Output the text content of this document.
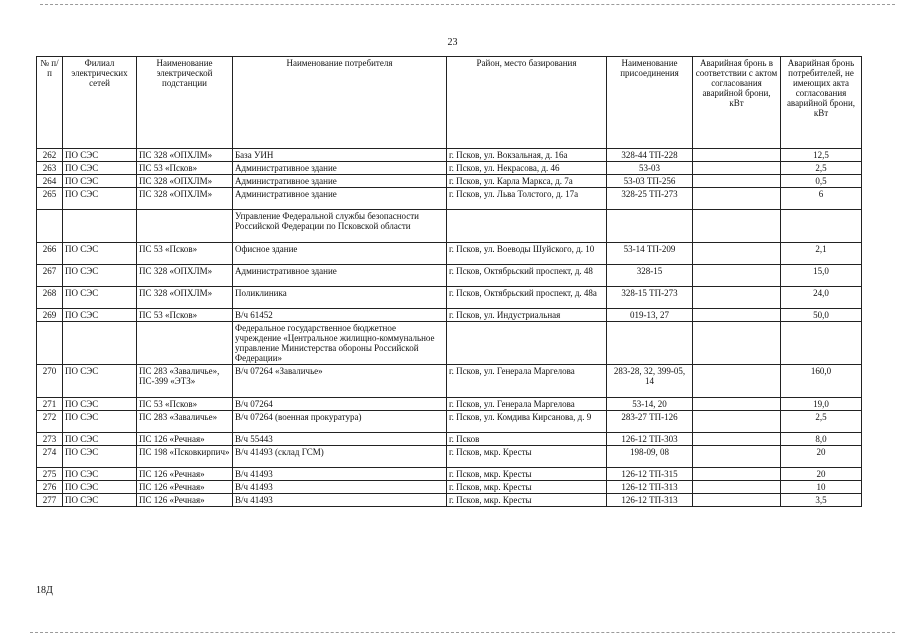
23
№ п/п	Филиал электрических сетей	Наименование электрической подстанции	Наименование потребителя	Район, место базирования	Наименование присоединения	Аварийная бронь в соответствии с актом согласования аварийной брони, кВт	Аварийная бронь потребителей, не имеющих акта согласования аварийной брони, кВт
262	ПО СЭС	ПС 328 «ОПХЛМ»	База УИН	г. Псков, ул. Вокзальная, д. 16а	328-44 ТП-228		12,5
263	ПО СЭС	ПС 53 «Псков»	Административное здание	г. Псков, ул. Некрасова, д. 46	53-03		2,5
264	ПО СЭС	ПС 328 «ОПХЛМ»	Административное здание	г. Псков, ул. Карла Маркса, д. 7а	53-03 ТП-256		0,5
265	ПО СЭС	ПС 328 «ОПХЛМ»	Административное здание	г. Псков, ул. Льва Толстого, д. 17а	328-25 ТП-273		6
			Управление Федеральной службы безопасности Российской Федерации по Псковской области				
266	ПО СЭС	ПС 53 «Псков»	Офисное здание	г. Псков, ул. Воеводы Шуйского, д. 10	53-14 ТП-209		2,1
267	ПО СЭС	ПС 328 «ОПХЛМ»	Административное здание	г. Псков, Октябрьский проспект, д. 48	328-15		15,0
268	ПО СЭС	ПС 328 «ОПХЛМ»	Поликлиника	г. Псков, Октябрьский проспект, д. 48а	328-15 ТП-273		24,0
269	ПО СЭС	ПС 53 «Псков»	В/ч 61452	г. Псков, ул. Индустриальная	019-13, 27		50,0
			Федеральное государственное бюджетное учреждение «Центральное жилищно-коммунальное управление Министерства обороны Российской Федерации»				
270	ПО СЭС	ПС 283 «Заваличье», ПС-399 «ЭТЗ»	В/ч 07264 «Заваличье»	г. Псков, ул. Генерала Маргелова	283-28, 32, 399-05, 14		160,0
271	ПО СЭС	ПС 53 «Псков»	В/ч 07264	г. Псков, ул. Генерала Маргелова	53-14, 20		19,0
272	ПО СЭС	ПС 283 «Заваличье»	В/ч 07264 (военная прокуратура)	г. Псков, ул. Комдива Кирсанова, д. 9	283-27 ТП-126		2,5
273	ПО СЭС	ПС 126 «Речная»	В/ч 55443	г. Псков	126-12 ТП-303		8,0
274	ПО СЭС	ПС 198 «Псковкирпич»	В/ч 41493 (склад ГСМ)	г. Псков, мкр. Кресты	198-09, 08		20
275	ПО СЭС	ПС 126 «Речная»	В/ч 41493	г. Псков, мкр. Кресты	126-12 ТП-315		20
276	ПО СЭС	ПС 126 «Речная»	В/ч 41493	г. Псков, мкр. Кресты	126-12 ТП-313		10
277	ПО СЭС	ПС 126 «Речная»	В/ч 41493	г. Псков, мкр. Кресты	126-12 ТП-313		3,5
18Д
